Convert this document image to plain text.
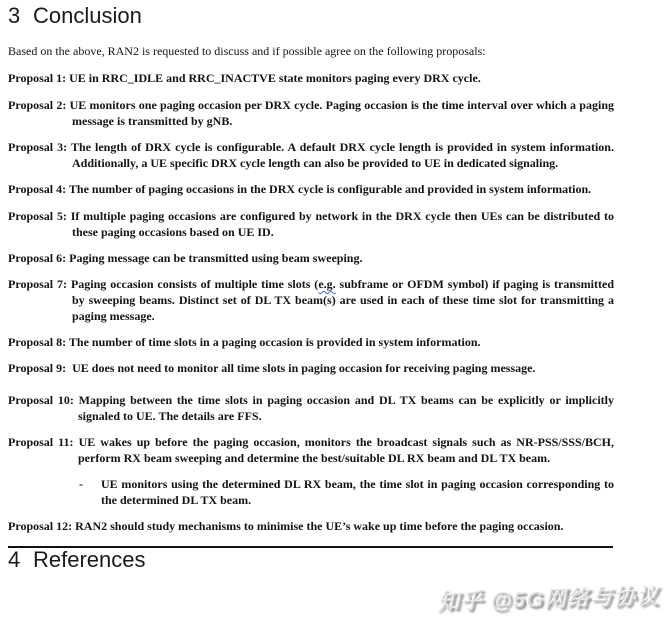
3 Conclusion

Based on the above, RAN2 is requested to discuss and if possible agree on the following proposals:

Proposal 1: UE in RRC_IDLE and RRC_INACTVE state monitors paging every DRX cycle.

Proposal 2: UE monitors one paging occasion per DRX cycle. Paging occasion is the time interval over which a paging message is transmitted by gNB.

Proposal 3: The length of DRX cycle is configurable. A default DRX cycle length is provided in system information. Additionally, a UE specific DRX cycle length can also be provided to UE in dedicated signaling.

Proposal 4: The number of paging occasions in the DRX cycle is configurable and provided in system information.

Proposal 5: If multiple paging occasions are configured by network in the DRX cycle then UEs can be distributed to these paging occasions based on UE ID.

Proposal 6: Paging message can be transmitted using beam sweeping.

Proposal 7: Paging occasion consists of multiple time slots (e.g. subframe or OFDM symbol) if paging is transmitted by sweeping beams. Distinct set of DL TX beam(s) are used in each of these time slot for transmitting a paging message.

Proposal 8: The number of time slots in a paging occasion is provided in system information.

Proposal 9: UE does not need to monitor all time slots in paging occasion for receiving paging message.

Proposal 10: Mapping between the time slots in paging occasion and DL TX beams can be explicitly or implicitly signaled to UE. The details are FFS.

Proposal 11: UE wakes up before the paging occasion, monitors the broadcast signals such as NR-PSS/SSS/BCH, perform RX beam sweeping and determine the best/suitable DL RX beam and DL TX beam.

- UE monitors using the determined DL RX beam, the time slot in paging occasion corresponding to the determined DL TX beam.

Proposal 12: RAN2 should study mechanisms to minimise the UE’s wake up time before the paging occasion.

4 References
知乎 @5G网络与协议
